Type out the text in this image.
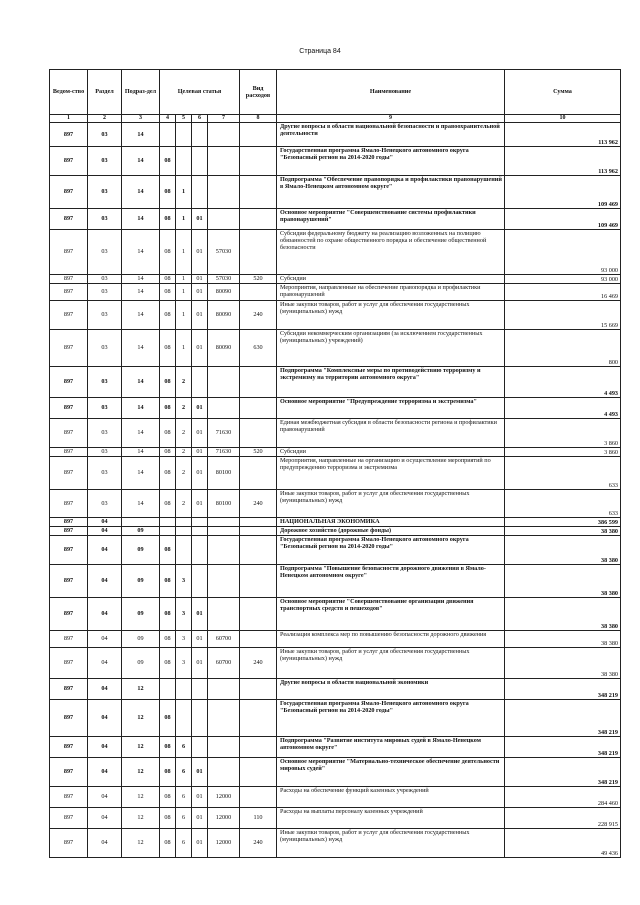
Страница 84
Ведом-ство	Раздел	Подраз-дел	Целевая статья				Вид расходов	Наименование	Сумма
1	2	3	4	5	6	7	8	9	10
897	03	14						Другие вопросы в области национальной безопасности и правоохранительной деятельности	113 962
897	03	14	08					Государственная программа Ямало-Ненецкого автономного округа "Безопасный регион на 2014-2020 годы"	113 962
897	03	14	08	1				Подпрограмма "Обеспечение правопорядка и профилактики правонарушений в Ямало-Ненецком автономном округе"	109 469
897	03	14	08	1	01			Основное мероприятие "Совершенствование системы профилактики правонарушений"	109 469
897	03	14	08	1	01	57030		Субсидии федеральному бюджету на реализацию возложенных на полицию обязанностей по охране общественного порядка и обеспечение общественной безопасности	93 000
897	03	14	08	1	01	57030	520	Субсидии	93 000
897	03	14	08	1	01	80090		Мероприятия, направленные на обеспечение правопорядка и профилактики правонарушений	16 469
897	03	14	08	1	01	80090	240	Иные закупки товаров, работ и услуг для обеспечения государственных (муниципальных) нужд	15 669
897	03	14	08	1	01	80090	630	Субсидии некоммерческим организациям (за исключением государственных (муниципальных) учреждений)	800
897	03	14	08	2				Подпрограмма "Комплексные меры по противодействию терроризму и экстремизму на территории автономного округа"	4 493
897	03	14	08	2	01			Основное мероприятие "Предупреждение терроризма и экстремизма"	4 493
897	03	14	08	2	01	71630		Единая межбюджетная субсидия в области безопасности региона и профилактики правонарушений	3 860
897	03	14	08	2	01	71630	520	Субсидии	3 860
897	03	14	08	2	01	80100		Мероприятия, направленные на организацию и осуществление мероприятий по предупреждению терроризма и экстремизма	633
897	03	14	08	2	01	80100	240	Иные закупки товаров, работ и услуг для обеспечения государственных (муниципальных) нужд	633
897	04							НАЦИОНАЛЬНАЯ ЭКОНОМИКА	386 599
897	04	09						Дорожное хозяйство (дорожные фонды)	38 380
897	04	09	08					Государственная программа Ямало-Ненецкого автономного округа "Безопасный регион на 2014-2020 годы"	38 380
897	04	09	08	3				Подпрограмма "Повышение безопасности дорожного движения в Ямало-Ненецком автономном округе"	38 380
897	04	09	08	3	01			Основное мероприятие "Совершенствование организации движения транспортных средств и пешеходов"	38 380
897	04	09	08	3	01	60700		Реализация комплекса мер по повышению безопасности дорожного движения	38 380
897	04	09	08	3	01	60700	240	Иные закупки товаров, работ и услуг для обеспечения государственных (муниципальных) нужд	38 380
897	04	12						Другие вопросы в области национальной экономики	348 219
897	04	12	08					Государственная программа Ямало-Ненецкого автономного округа "Безопасный регион на 2014-2020 годы"	348 219
897	04	12	08	6				Подпрограмма "Развитие института мировых судей в Ямало-Ненецком автономном округе"	348 219
897	04	12	08	6	01			Основное мероприятие "Материально-техническое обеспечение деятельности мировых судей"	348 219
897	04	12	08	6	01	12000		Расходы на обеспечение функций казенных учреждений	284 460
897	04	12	08	6	01	12000	110	Расходы на выплаты персоналу казенных учреждений	228 915
897	04	12	08	6	01	12000	240	Иные закупки товаров, работ и услуг для обеспечения государственных (муниципальных) нужд	49 436
